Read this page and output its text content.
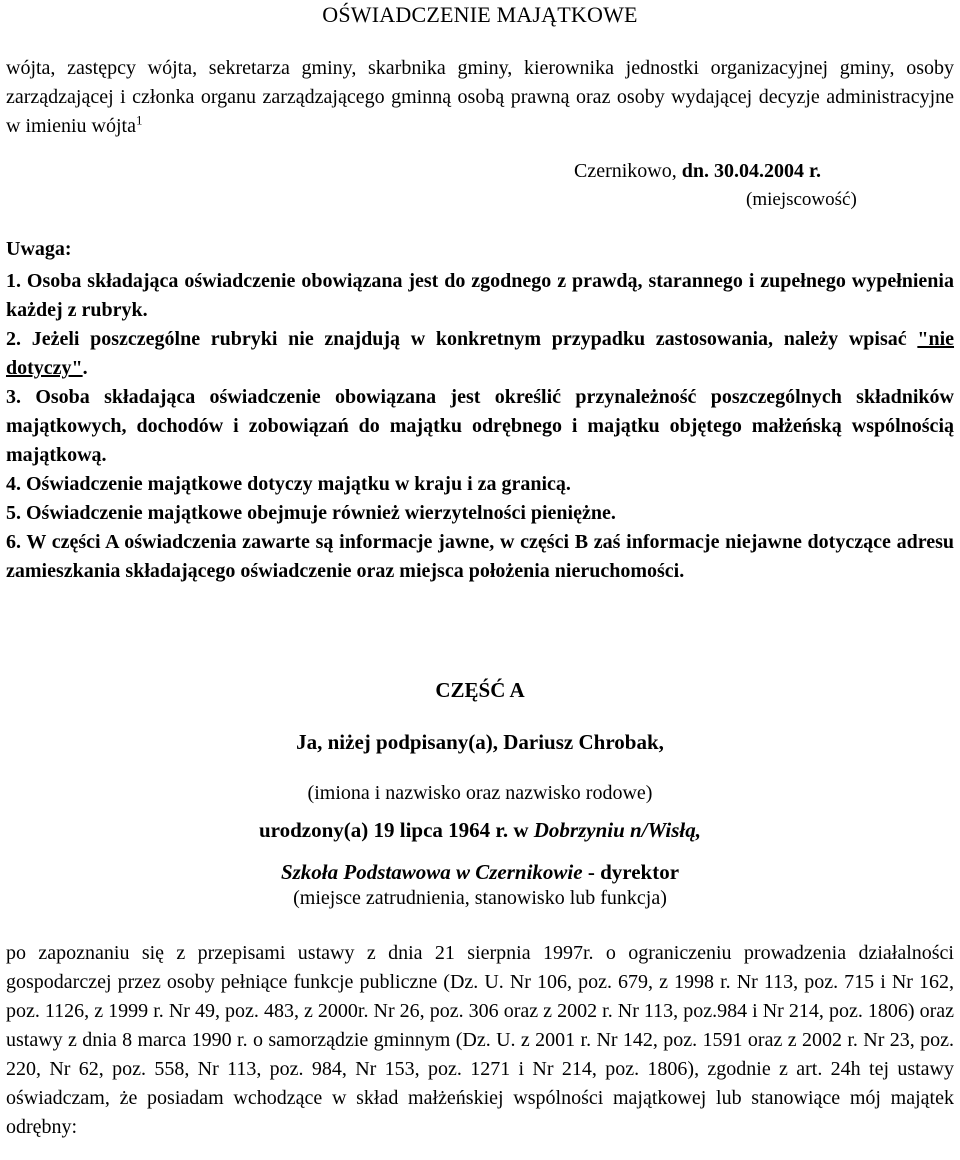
OŚWIADCZENIE MAJĄTKOWE
wójta, zastępcy wójta, sekretarza gminy, skarbnika gminy, kierownika jednostki organizacyjnej gminy, osoby zarządzającej i członka organu zarządzającego gminną osobą prawną oraz osoby wydającej decyzje administracyjne w imieniu wójta$^1$
Czernikowo, dn. 30.04.2004 r.
(miejscowość)
Uwaga:

1. Osoba składająca oświadczenie obowiązana jest do zgodnego z prawdą, starannego i zupełnego wypełnienia każdej z rubryk.

2. Jeżeli poszczególne rubryki nie znajdują w konkretnym przypadku zastosowania, należy wpisać "nie dotyczy".

3. Osoba składająca oświadczenie obowiązana jest określić przynależność poszczególnych składników majątkowych, dochodów i zobowiązań do majątku odrębnego i majątku objętego małżeńską wspólnością majątkową.

4. Oświadczenie majątkowe dotyczy majątku w kraju i za granicą.

5. Oświadczenie majątkowe obejmuje również wierzytelności pieniężne.

6. W części A oświadczenia zawarte są informacje jawne, w części B zaś informacje niejawne dotyczące adresu zamieszkania składającego oświadczenie oraz miejsca położenia nieruchomości.

CZĘŚĆ A
Ja, niżej podpisany(a), Dariusz Chrobak,
(imiona i nazwisko oraz nazwisko rodowe)
urodzony(a) 19 lipca 1964 r. w Dobrzyniu n/Wisłą,
Szkoła Podstawowa w Czernikowie - dyrektor
(miejsce zatrudnienia, stanowisko lub funkcja)
po zapoznaniu się z przepisami ustawy z dnia 21 sierpnia 1997r. o ograniczeniu prowadzenia działalności gospodarczej przez osoby pełniące funkcje publiczne (Dz. U. Nr 106, poz. 679, z 1998 r. Nr 113, poz. 715 i Nr 162, poz. 1126, z 1999 r. Nr 49, poz. 483, z 2000r. Nr 26, poz. 306 oraz z 2002 r. Nr 113, poz.984 i Nr 214, poz. 1806) oraz ustawy z dnia 8 marca 1990 r. o samorządzie gminnym (Dz. U. z 2001 r. Nr 142, poz. 1591 oraz z 2002 r. Nr 23, poz. 220, Nr 62, poz. 558, Nr 113, poz. 984, Nr 153, poz. 1271 i Nr 214, poz. 1806), zgodnie z art. 24h tej ustawy oświadczam, że posiadam wchodzące w skład małżeńskiej wspólności majątkowej lub stanowiące mój majątek odrębny:
